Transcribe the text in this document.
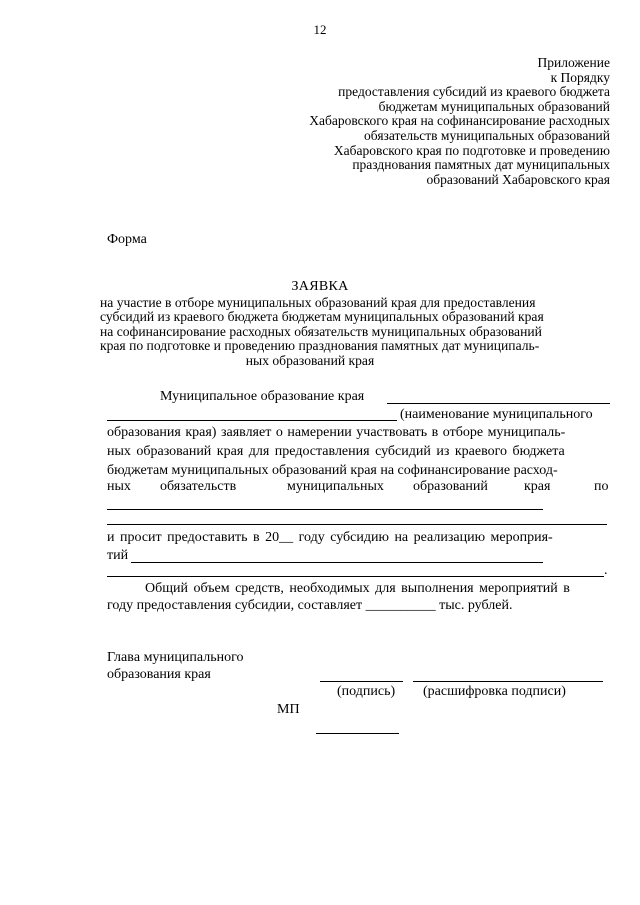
12
Приложение
к Порядку
предоставления субсидий из краевого бюджета
бюджетам муниципальных образований
Хабаровского края на софинансирование расходных
обязательств муниципальных образований
Хабаровского края по подготовке и проведению
празднования памятных дат муниципальных
образований Хабаровского края
Форма
ЗАЯВКА
на участие в отборе муниципальных образований края для предоставления
субсидий из краевого бюджета бюджетам муниципальных образований края
на софинансирование расходных обязательств муниципальных образований
края по подготовке и проведению празднования памятных дат муниципаль-
ных образований края
Муниципальное образование края
(наименование муниципального
образования края) заявляет о намерении участвовать в отборе муниципаль-
ных образований края для предоставления субсидий из краевого бюджета
бюджетам муниципальных образований края на софинансирование расход-
ных обязательств	муниципальных образований	края	по
и просит предоставить в 20__ году субсидию на реализацию мероприя-
тий
.
Общий объем средств, необходимых для выполнения мероприятий в
году предоставления субсидии, составляет __________ тыс. рублей.
Главa муниципального
образования края
(подпись) (расшифровка подписи)
МП
